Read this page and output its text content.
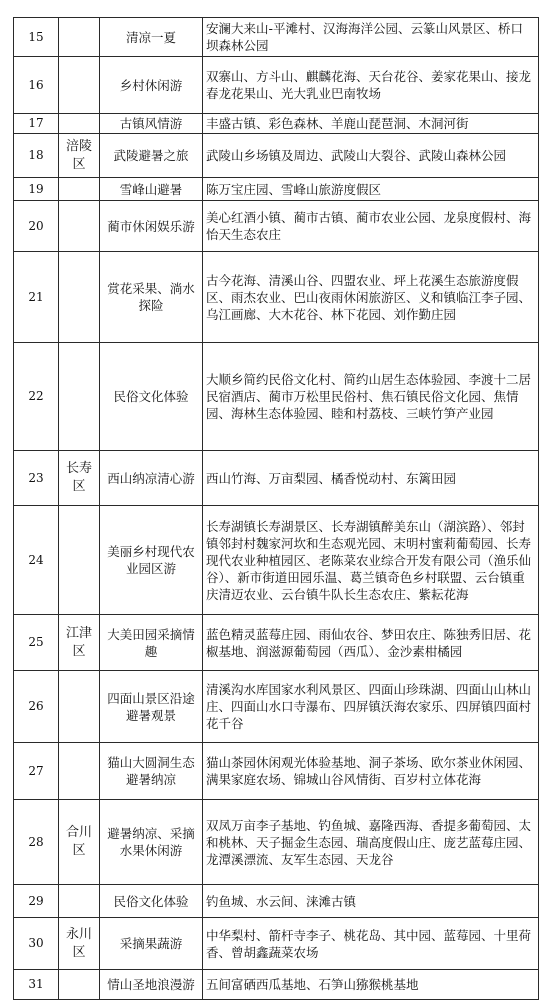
15		清凉一夏	安澜大来山-平滩村、汉海海洋公园、云篆山风景区、桥口坝森林公园
16		乡村休闲游	双寨山、方斗山、麒麟花海、天台花谷、姜家花果山、接龙春龙花果山、光大乳业巴南牧场
17		古镇风情游	丰盛古镇、彩色森林、羊鹿山琵琶洞、木洞河街
18	涪陵区	武陵避暑之旅	武陵山乡场镇及周边、武陵山大裂谷、武陵山森林公园
19		雪峰山避暑	陈万宝庄园、雪峰山旅游度假区
20		蔺市休闲娱乐游	美心红酒小镇、蔺市古镇、蔺市农业公园、龙泉度假村、海怡天生态农庄
21		赏花采果、淌水探险	古今花海、清溪山谷、四盟农业、坪上花溪生态旅游度假区、雨杰农业、巴山夜雨休闲旅游区、义和镇临江李子园、乌江画廊、大木花谷、林下花园、刘作勤庄园
22		民俗文化体验	大顺乡简约民俗文化村、简约山居生态体验园、李渡十二居民宿酒店、蔺市万松里民俗村、焦石镇民俗文化园、焦情园、海林生态体验园、睦和村荔枝、三峡竹笋产业园
23	长寿区	西山纳凉清心游	西山竹海、万亩梨园、橘香悦动村、东篱田园
24		美丽乡村现代农业园区游	长寿湖镇长寿湖景区、长寿湖镇醉美东山（湖滨路）、邻封镇邻封村魏家河坎和生态观光园、末明村蜜莉葡萄园、长寿现代农业种植园区、老陈菜农业综合开发有限公司（渔乐仙谷）、新市街道田园乐温、葛兰镇奇色乡村联盟、云台镇重庆清迈农业、云台镇牛队长生态农庄、紫耘花海
25	江津区	大美田园采摘情趣	蓝色精灵蓝莓庄园、雨仙农谷、梦田农庄、陈独秀旧居、花椒基地、润滋源葡萄园（西瓜）、金沙素柑橘园
26		四面山景区沿途避暑观景	清溪沟水库国家水利风景区、四面山珍珠湖、四面山山林山庄、四面山水口寺瀑布、四屏镇沃海农家乐、四屏镇四面村花千谷
27		猫山大圆洞生态避暑纳凉	猫山茶园休闲观光体验基地、洞子茶场、欧尔茶业休闲园、满果家庭农场、锦城山谷风情街、百岁村立体花海
28	合川区	避暑纳凉、采摘水果休闲游	双凤万亩李子基地、钓鱼城、嘉隆西海、香提多葡萄园、太和桃林、天子掘金生态园、瑞高度假山庄、庞艺蓝莓庄园、龙潭溪漂流、友军生态园、天龙谷
29		民俗文化体验	钓鱼城、水云间、涞滩古镇
30	永川区	采摘果蔬游	中华梨村、箭杆寺李子、桃花岛、其中园、蓝莓园、十里荷香、曾胡鑫蔬菜农场
31		情山圣地浪漫游	五间富硒西瓜基地、石笋山猕猴桃基地
